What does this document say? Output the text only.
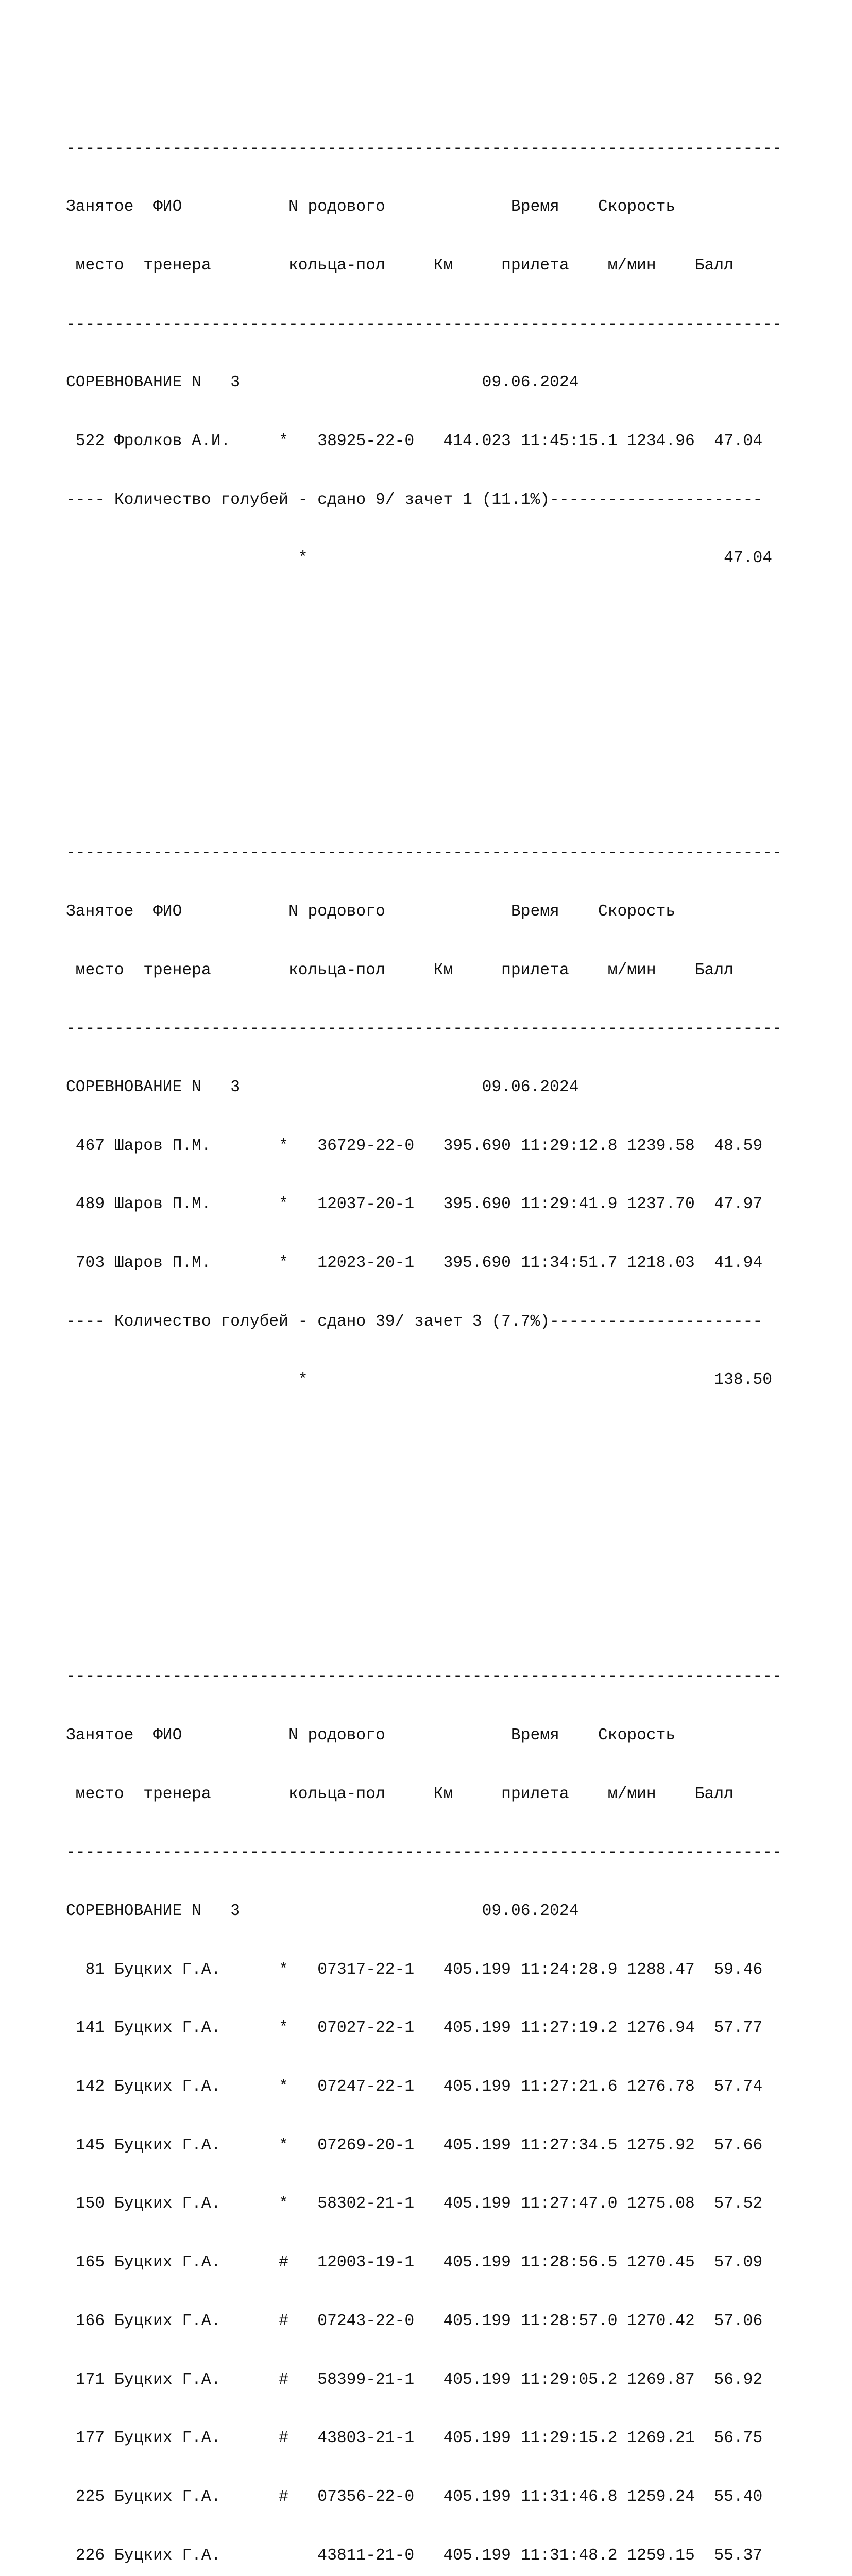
--------------------------------------------------------------------------

Занятое  ФИО           N родового             Время    Скорость

место  тренера        кольца-пол     Км     прилета    м/мин    Балл

--------------------------------------------------------------------------

СОРЕВНОВАНИЕ N   3                         09.06.2024

522 Фролков А.И.     *   38925-22-0   414.023 11:45:15.1 1234.96  47.04

---- Количество голубей - сдано 9/ зачет 1 (11.1%)----------------------

*                                           47.04

--------------------------------------------------------------------------

Занятое  ФИО           N родового             Время    Скорость

место  тренера        кольца-пол     Км     прилета    м/мин    Балл

--------------------------------------------------------------------------

СОРЕВНОВАНИЕ N   3                         09.06.2024

467 Шаров П.М.       *   36729-22-0   395.690 11:29:12.8 1239.58  48.59

489 Шаров П.М.       *   12037-20-1   395.690 11:29:41.9 1237.70  47.97

703 Шаров П.М.       *   12023-20-1   395.690 11:34:51.7 1218.03  41.94

---- Количество голубей - сдано 39/ зачет 3 (7.7%)----------------------

*                                          138.50

--------------------------------------------------------------------------

Занятое  ФИО           N родового             Время    Скорость

место  тренера        кольца-пол     Км     прилета    м/мин    Балл

--------------------------------------------------------------------------

СОРЕВНОВАНИЕ N   3                         09.06.2024

81 Буцких Г.А.      *   07317-22-1   405.199 11:24:28.9 1288.47  59.46

141 Буцких Г.А.      *   07027-22-1   405.199 11:27:19.2 1276.94  57.77

142 Буцких Г.А.      *   07247-22-1   405.199 11:27:21.6 1276.78  57.74

145 Буцких Г.А.      *   07269-20-1   405.199 11:27:34.5 1275.92  57.66

150 Буцких Г.А.      *   58302-21-1   405.199 11:27:47.0 1275.08  57.52

165 Буцких Г.А.      #   12003-19-1   405.199 11:28:56.5 1270.45  57.09

166 Буцких Г.А.      #   07243-22-0   405.199 11:28:57.0 1270.42  57.06

171 Буцких Г.А.      #   58399-21-1   405.199 11:29:05.2 1269.87  56.92

177 Буцких Г.А.      #   43803-21-1   405.199 11:29:15.2 1269.21  56.75

225 Буцких Г.А.      #   07356-22-0   405.199 11:31:46.8 1259.24  55.40

226 Буцких Г.А.          43811-21-0   405.199 11:31:48.2 1259.15  55.37
